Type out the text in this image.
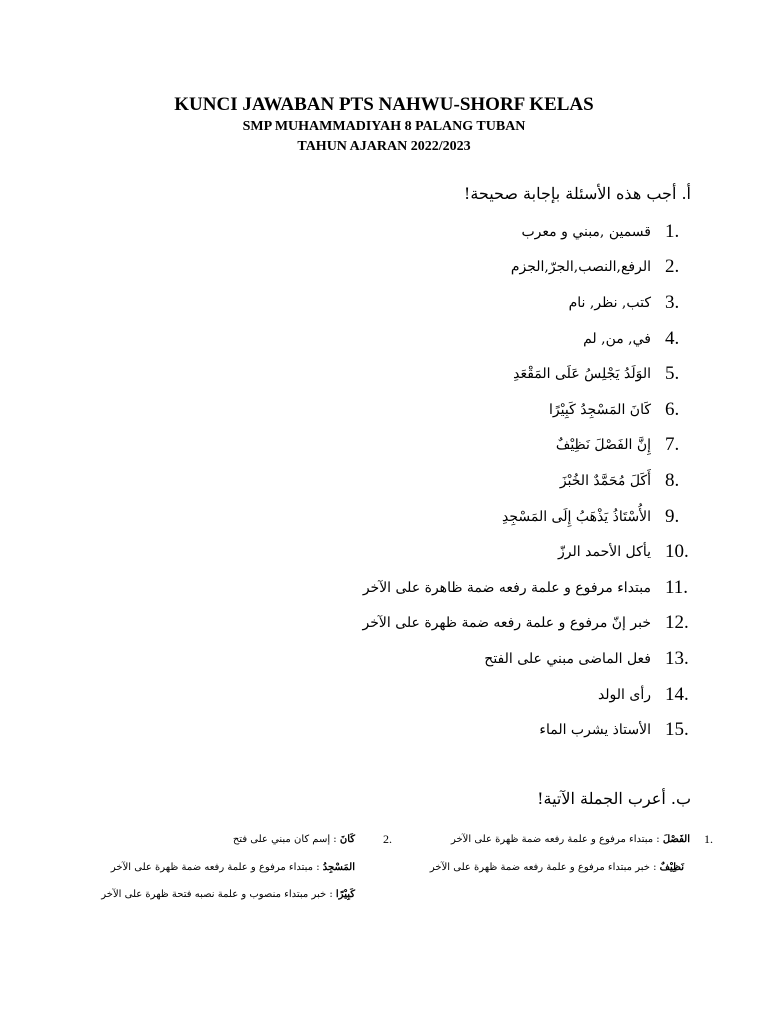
KUNCI JAWABAN PTS NAHWU-SHORF KELAS
SMP MUHAMMADIYAH 8 PALANG TUBAN
TAHUN AJARAN 2022/2023
أ. أجب هذه الأسئلة بإجابة صحيحة!
1.
قسمين ,مبني و معرب
2.
الرفع,النصب,الجرّ,الجزم
3.
كتب, نظر, نام
4.
في, من, لم
5.
الوَلَدُ يَجْلِسُ عَلَى المَقْعَدِ
6.
كَانَ المَسْجِدُ كَبِيْرًا
7.
إِنَّ الفَصْلَ نَظِيْفٌ
8.
أَكَلَ مُحَمَّدٌ الخُبْزَ
9.
الأُسْتَاذُ يَذْهَبُ إِلَى المَسْجِدِ
10.
يأكل الأحمد الرزّ
11.
مبتداء مرفوع و علمة رفعه ضمة ظاهرة على الآخر
12.
خبر إنّ مرفوع و علمة رفعه ضمة ظهرة على الآخر
13.
فعل الماضى مبني على الفتح
14.
رأى الولد
15.
الأستاذ يشرب الماء
ب. أعرب الجملة الآتية!
1.
الفَصْلَ : مبتداء مرفوع و علمة رفعه ضمة ظهرة على الآخر
نَظِيْفٌ : خبر مبتداء مرفوع و علمة رفعه ضمة ظهرة على الآخر
2.
كَانَ : إسم كان مبني على فتح
المَسْجِدُ : مبتداء مرفوع و علمة رفعه ضمة ظهرة على الآخر
كَبِيْرًا : خبر مبتداء منصوب و علمة نصبه فتحة ظهرة على الآخر
